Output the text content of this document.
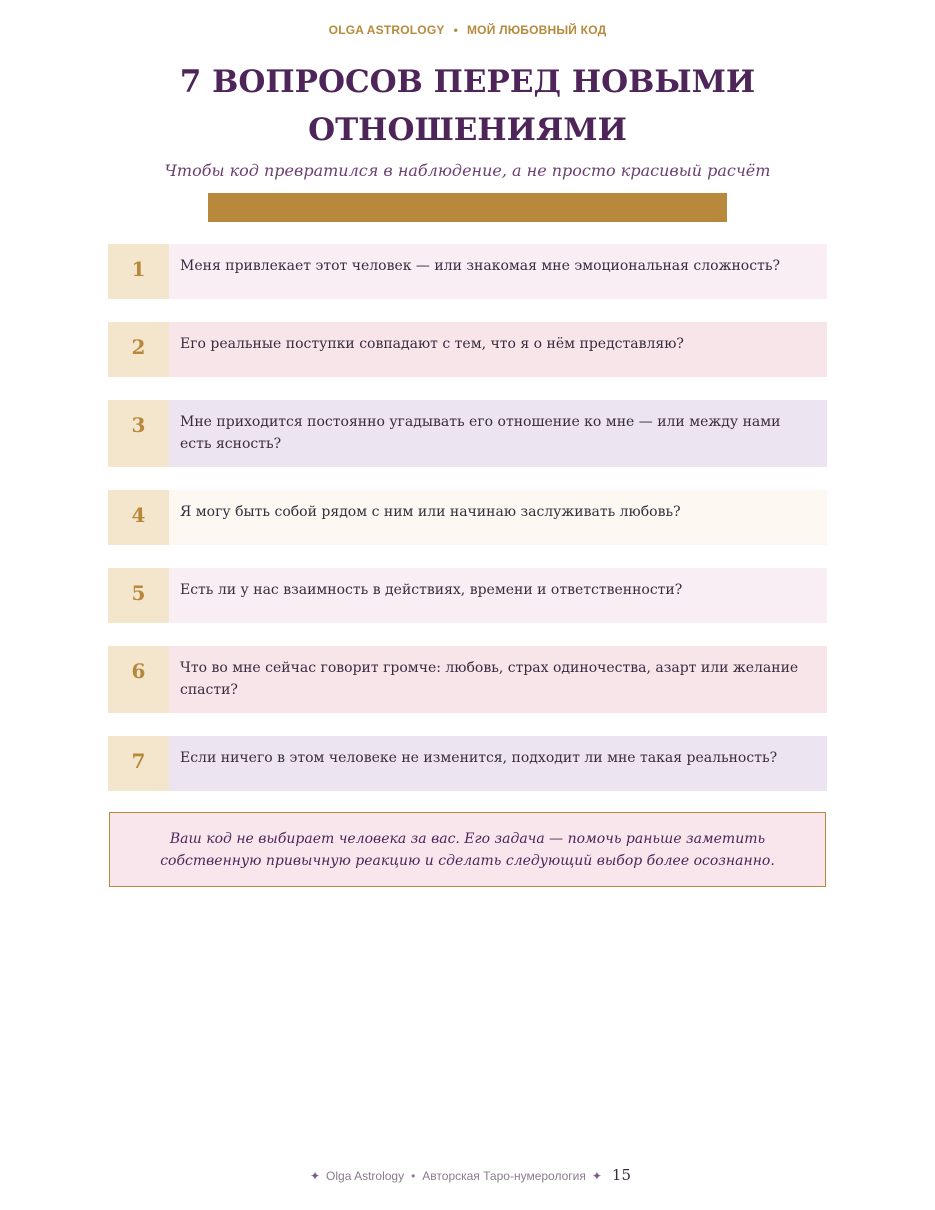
OLGA ASTROLOGY • МОЙ ЛЮБОВНЫЙ КОД
7 ВОПРОСОВ ПЕРЕД НОВЫМИ ОТНОШЕНИЯМИ
Чтобы код превратился в наблюдение, а не просто красивый расчёт
1	Меня привлекает этот человек — или знакомая мне эмоциональная сложность?
2	Его реальные поступки совпадают с тем, что я о нём представляю?
3	Мне приходится постоянно угадывать его отношение ко мне — или между нами есть ясность?
4	Я могу быть собой рядом с ним или начинаю заслуживать любовь?
5	Есть ли у нас взаимность в действиях, времени и ответственности?
6	Что во мне сейчас говорит громче: любовь, страх одиночества, азарт или желание спасти?
7	Если ничего в этом человеке не изменится, подходит ли мне такая реальность?
Ваш код не выбирает человека за вас. Его задача — помочь раньше заметить собственную привычную реакцию и сделать следующий выбор более осознанно.
✦ Olga Astrology • Авторская Таро-нумерология ✦ 15
